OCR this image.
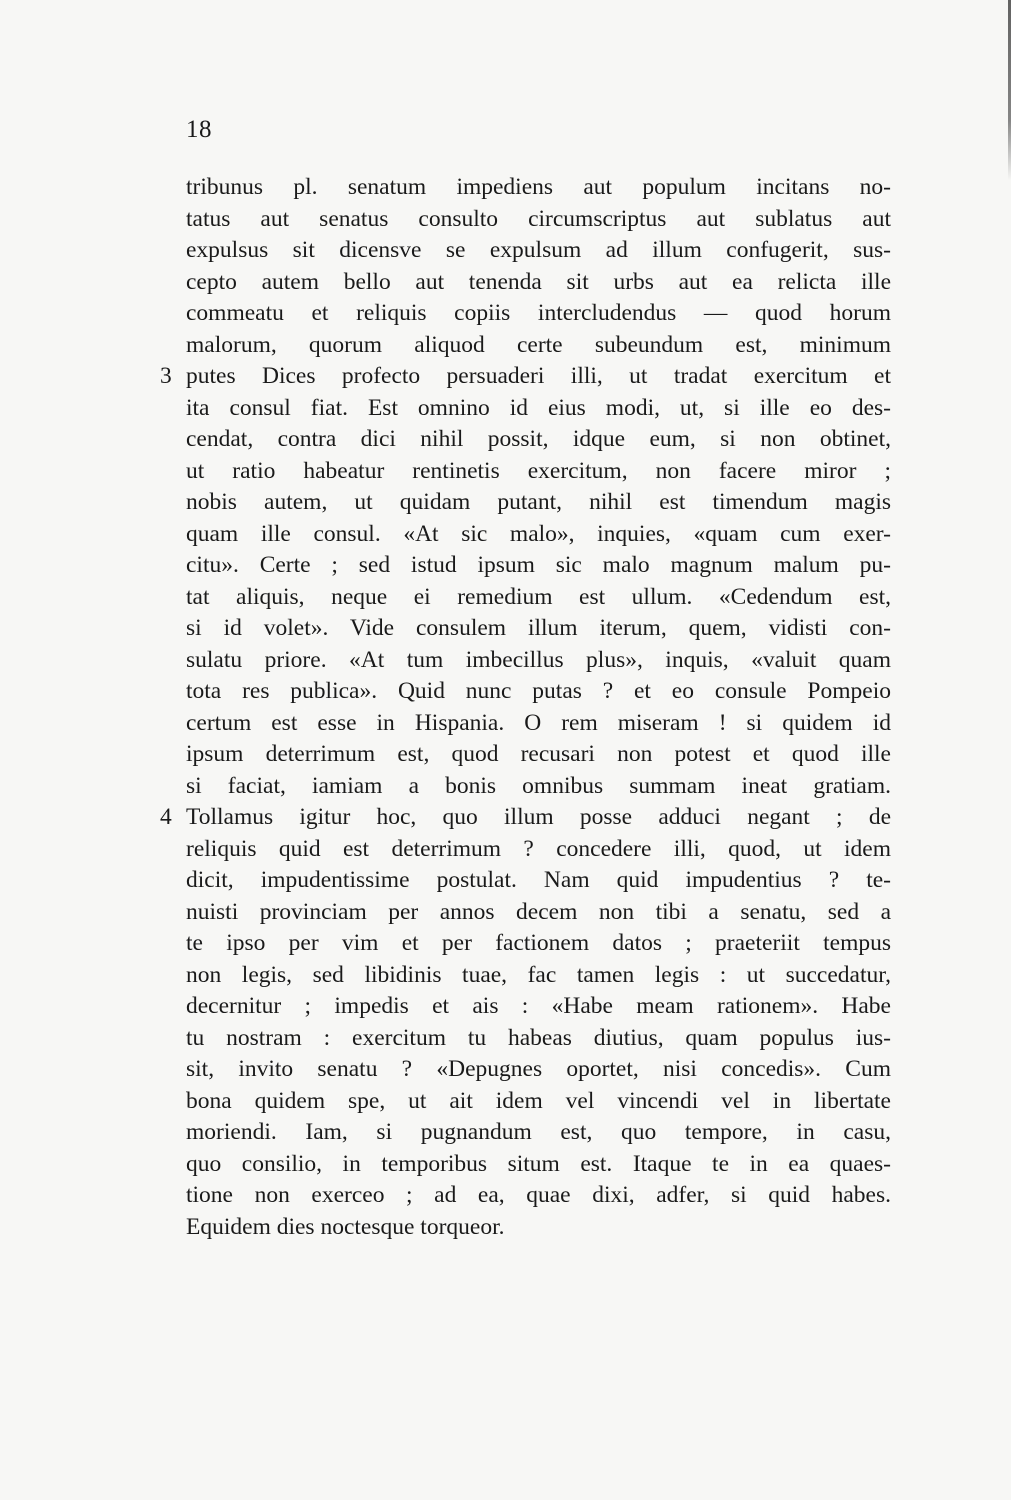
18
tribunus pl. senatum impediens aut populum incitans no-
tatus aut senatus consulto circumscriptus aut sublatus aut
expulsus sit dicensve se expulsum ad illum confugerit, sus-
cepto autem bello aut tenenda sit urbs aut ea relicta ille
commeatu et reliquis copiis intercludendus — quod horum
malorum, quorum aliquod certe subeundum est, minimum
3 putes Dices profecto persuaderi illi, ut tradat exercitum et
ita consul fiat. Est omnino id eius modi, ut, si ille eo des-
cendat, contra dici nihil possit, idque eum, si non obtinet,
ut ratio habeatur rentinetis exercitum, non facere miror ;
nobis autem, ut quidam putant, nihil est timendum magis
quam ille consul. «At sic malo», inquies, «quam cum exer-
citu». Certe ; sed istud ipsum sic malo magnum malum pu-
tat aliquis, neque ei remedium est ullum. «Cedendum est,
si id volet». Vide consulem illum iterum, quem, vidisti con-
sulatu priore. «At tum imbecillus plus», inquis, «valuit quam
tota res publica». Quid nunc putas ? et eo consule Pompeio
certum est esse in Hispania. O rem miseram ! si quidem id
ipsum deterrimum est, quod recusari non potest et quod ille
si faciat, iamiam a bonis omnibus summam ineat gratiam.
4 Tollamus igitur hoc, quo illum posse adduci negant ; de
reliquis quid est deterrimum ? concedere illi, quod, ut idem
dicit, impudentissime postulat. Nam quid impudentius ? te-
nuisti provinciam per annos decem non tibi a senatu, sed a
te ipso per vim et per factionem datos ; praeteriit tempus
non legis, sed libidinis tuae, fac tamen legis : ut succedatur,
decernitur ; impedis et ais : «Habe meam rationem». Habe
tu nostram : exercitum tu habeas diutius, quam populus ius-
sit, invito senatu ? «Depugnes oportet, nisi concedis». Cum
bona quidem spe, ut ait idem vel vincendi vel in libertate
moriendi. Iam, si pugnandum est, quo tempore, in casu,
quo consilio, in temporibus situm est. Itaque te in ea quaes-
tione non exerceo ; ad ea, quae dixi, adfer, si quid habes.
Equidem dies noctesque torqueor.
